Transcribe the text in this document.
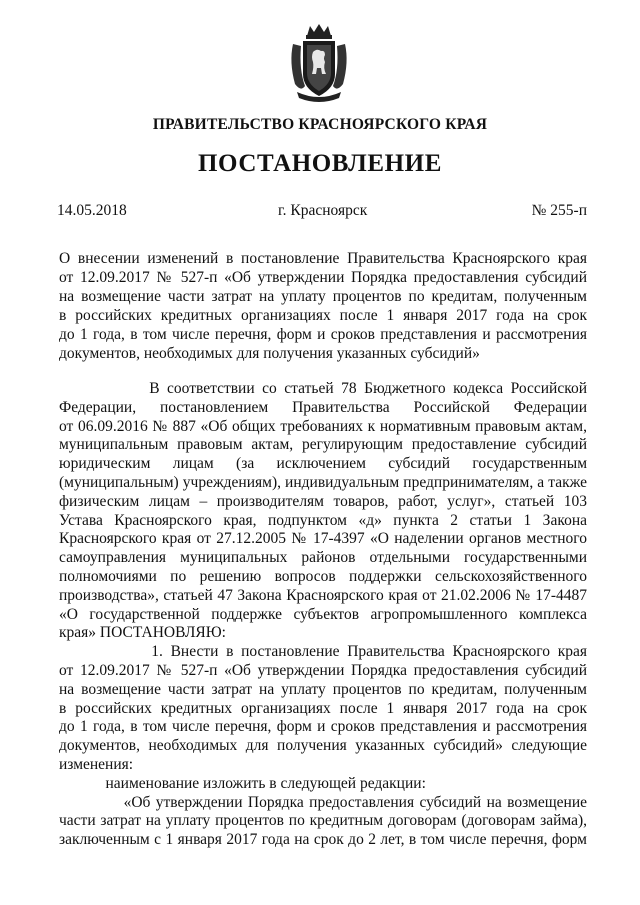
ПРАВИТЕЛЬСТВО КРАСНОЯРСКОГО КРАЯ
ПОСТАНОВЛЕНИЕ
14.05.2018	г. Красноярск	№ 255-п
О внесении изменений в постановление Правительства Красноярского края
от 12.09.2017 № 527-п «Об утверждении Порядка предоставления субсидий
на возмещение части затрат на уплату процентов по кредитам, полученным
в российских кредитных организациях после 1 января 2017 года на срок
до 1 года, в том числе перечня, форм и сроков представления и рассмотрения
документов, необходимых для получения указанных субсидий»
В соответствии со статьей 78 Бюджетного кодекса Российской
Федерации, постановлением Правительства Российской Федерации
от 06.09.2016 № 887 «Об общих требованиях к нормативным правовым актам,
муниципальным правовым актам, регулирующим предоставление субсидий
юридическим лицам (за исключением субсидий государственным
(муниципальным) учреждениям), индивидуальным предпринимателям, а также
физическим лицам – производителям товаров, работ, услуг», статьей 103
Устава Красноярского края, подпунктом «д» пункта 2 статьи 1 Закона
Красноярского края от 27.12.2005 № 17-4397 «О наделении органов местного
самоуправления муниципальных районов отдельными государственными
полномочиями по решению вопросов поддержки сельскохозяйственного
производства», статьей 47 Закона Красноярского края от 21.02.2006 № 17-4487
«О государственной поддержке субъектов агропромышленного комплекса
края» ПОСТАНОВЛЯЮ:
1. Внести в постановление Правительства Красноярского края
от 12.09.2017 № 527-п «Об утверждении Порядка предоставления субсидий
на возмещение части затрат на уплату процентов по кредитам, полученным
в российских кредитных организациях после 1 января 2017 года на срок
до 1 года, в том числе перечня, форм и сроков представления и рассмотрения
документов, необходимых для получения указанных субсидий» следующие
изменения:
наименование изложить в следующей редакции:
«Об утверждении Порядка предоставления субсидий на возмещение
части затрат на уплату процентов по кредитным договорам (договорам займа),
заключенным с 1 января 2017 года на срок до 2 лет, в том числе перечня, форм
